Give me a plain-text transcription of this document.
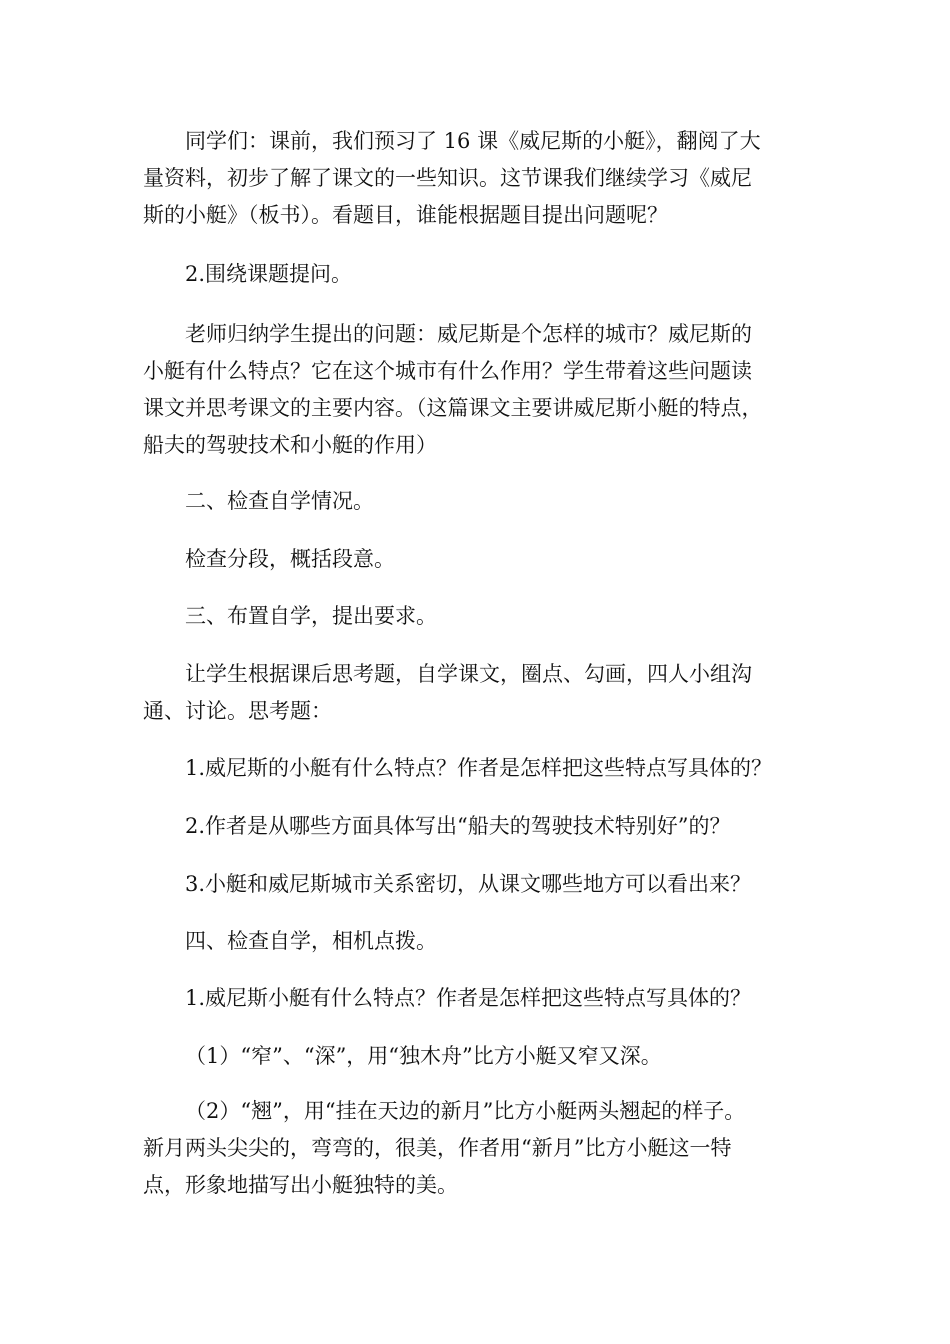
同学们：课前，我们预习了 16 课《威尼斯的小艇》，翻阅了大
量资料，初步了解了课文的一些知识。这节课我们继续学习《威尼
斯的小艇》（板书）。看题目，谁能根据题目提出问题呢？

2.围绕课题提问。

老师归纳学生提出的问题：威尼斯是个怎样的城市？威尼斯的
小艇有什么特点？它在这个城市有什么作用？学生带着这些问题读
课文并思考课文的主要内容。（这篇课文主要讲威尼斯小艇的特点，
船夫的驾驶技术和小艇的作用）

二、检查自学情况。

检查分段，概括段意。

三、布置自学，提出要求。

让学生根据课后思考题，自学课文，圈点、勾画，四人小组沟
通、讨论。思考题：

1.威尼斯的小艇有什么特点？作者是怎样把这些特点写具体的？

2.作者是从哪些方面具体写出“船夫的驾驶技术特别好”的？

3.小艇和威尼斯城市关系密切，从课文哪些地方可以看出来？

四、检查自学，相机点拨。

1.威尼斯小艇有什么特点？作者是怎样把这些特点写具体的？

（1）“窄”、“深”，用“独木舟”比方小艇又窄又深。

（2）“翘”，用“挂在天边的新月”比方小艇两头翘起的样子。
新月两头尖尖的，弯弯的，很美，作者用“新月”比方小艇这一特
点，形象地描写出小艇独特的美。
